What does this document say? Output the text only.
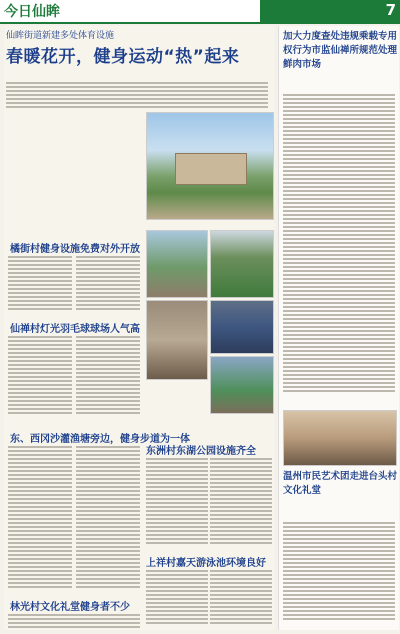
今日仙眸	7
仙眸街道新建多处体育设施
春暖花开，健身运动“热”起来
橘街村健身设施免费对外开放
仙禅村灯光羽毛球球场人气高
东、西冈沙灌渔塘旁边，健身步道为一体
林光村文化礼堂健身者不少
东洲村东湖公园设施齐全
上祥村嘉天游泳池环境良好
加大力度查处违规乘载专用权行为市监仙禅所规范处理鲜肉市场
温州市民艺术团走进台头村文化礼堂
